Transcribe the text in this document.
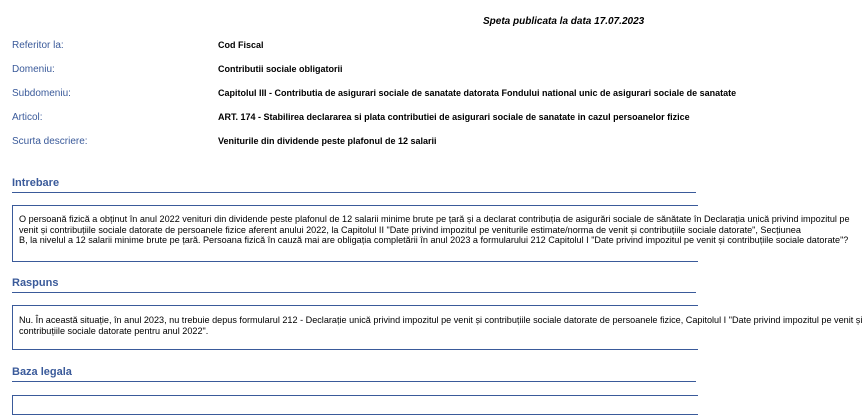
Speta publicata la data 17.07.2023
Referitor la:	Cod Fiscal
Domeniu:	Contributii sociale obligatorii
Subdomeniu:	Capitolul III - Contributia de asigurari sociale de sanatate datorata Fondului national unic de asigurari sociale de sanatate
Articol:	ART. 174 - Stabilirea declararea si plata contributiei de asigurari sociale de sanatate in cazul persoanelor fizice
Scurta descriere:	Veniturile din dividende peste plafonul de 12 salarii
Intrebare
O persoană fizică a obținut în anul 2022 venituri din dividende peste plafonul de 12 salarii minime brute pe țară și a declarat contribuția de asigurări sociale de sănătate în Declarația unică privind impozitul pe
venit și contribuțiile sociale datorate de persoanele fizice aferent anului 2022, la Capitolul II "Date privind impozitul pe veniturile estimate/norma de venit și contribuțiile sociale datorate", Secțiunea
B, la nivelul a 12 salarii minime brute pe țară. Persoana fizică în cauză mai are obligația completării în anul 2023 a formularului 212 Capitolul I "Date privind impozitul pe venit și contribuțiile sociale datorate"?
Raspuns
Nu. În această situație, în anul 2023, nu trebuie depus formularul 212 - Declarație unică privind impozitul pe venit și contribuțiile sociale datorate de persoanele fizice, Capitolul I "Date privind impozitul pe venit și
contribuțiile sociale datorate pentru anul 2022".
Baza legala
